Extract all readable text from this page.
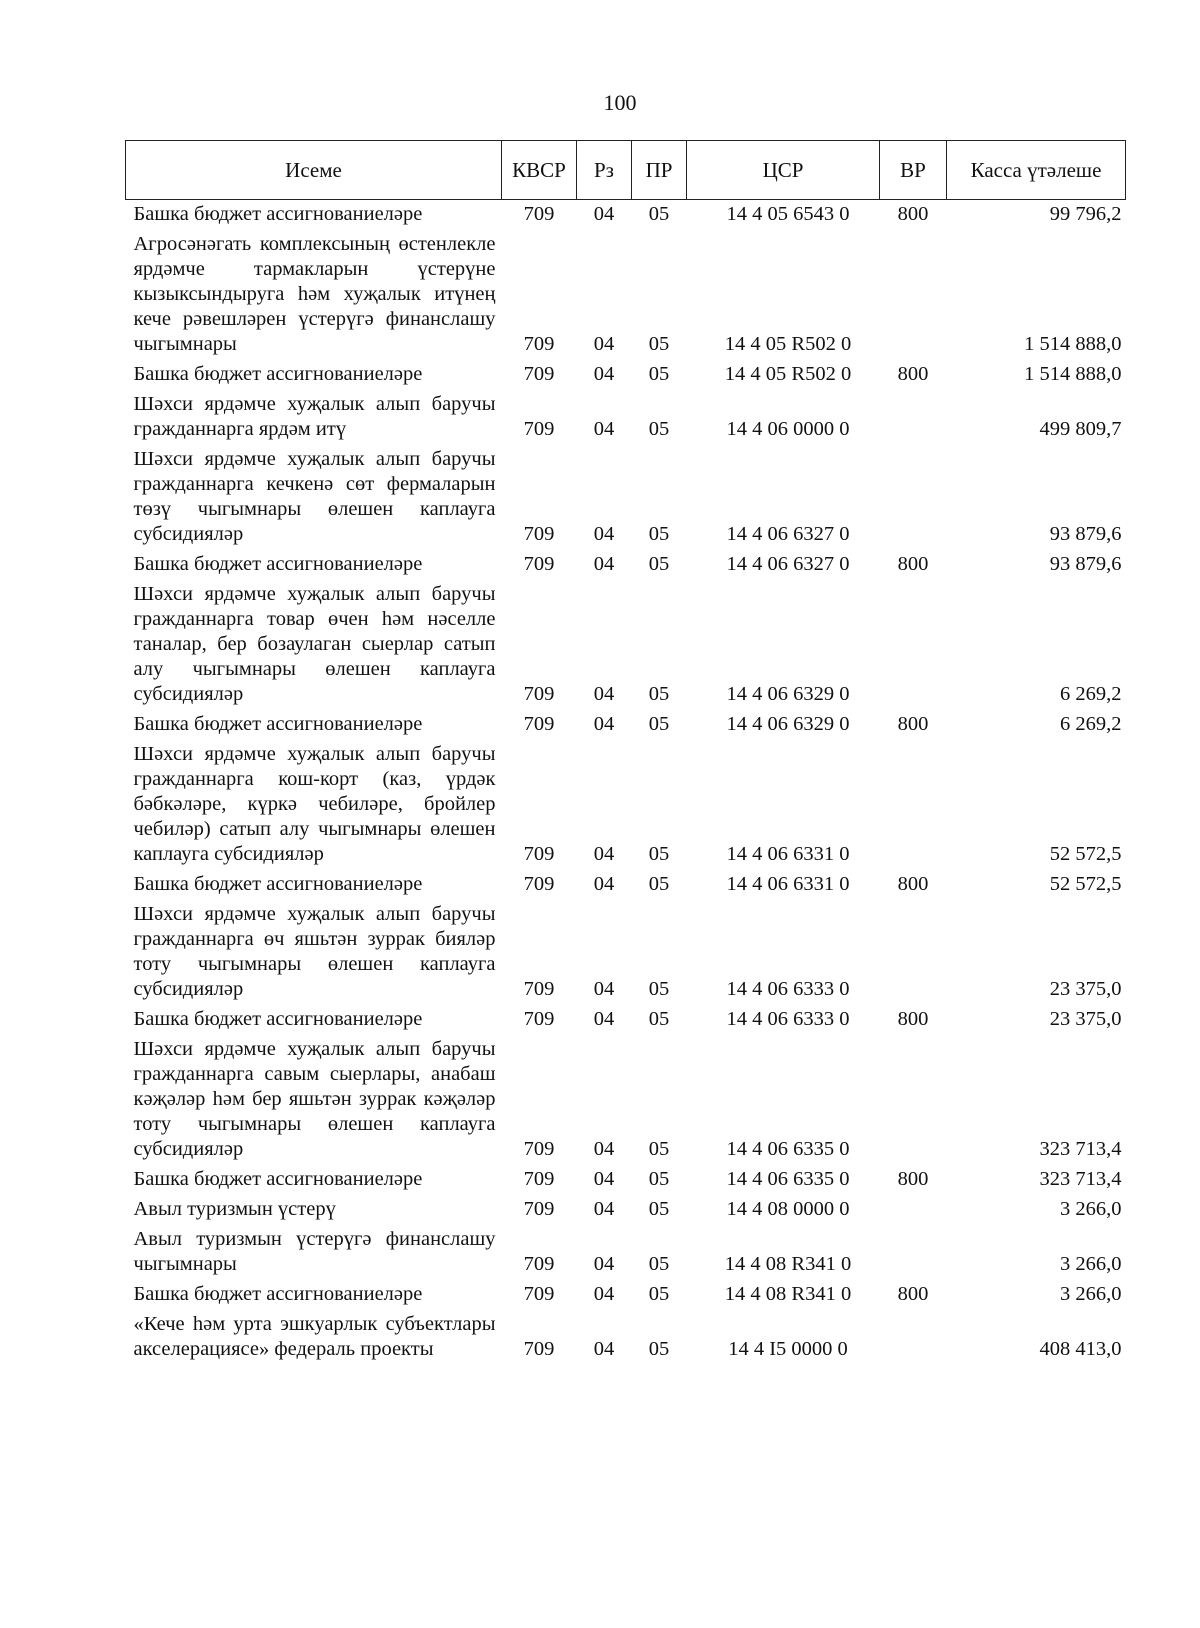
100
Исеме	КВСР	Рз	ПР	ЦСР	ВР	Касса үтәлеше
Башка бюджет ассигнованиеләре	709	04	05	14 4 05 6543 0	800	99 796,2
Агросәнәгать комплексының өстенлекле ярдәмче тармакларын үстерүне кызыксындыруга һәм хуҗалык итүнең кече рәвешләрен үстерүгә финанслашу чыгымнары	709	04	05	14 4 05 R502 0		1 514 888,0
Башка бюджет ассигнованиеләре	709	04	05	14 4 05 R502 0	800	1 514 888,0
Шәхси ярдәмче хуҗалык алып баручы гражданнарга ярдәм итү	709	04	05	14 4 06 0000 0		499 809,7
Шәхси ярдәмче хуҗалык алып баручы гражданнарга кечкенә сөт фермаларын төзү чыгымнары өлешен каплауга субсидияләр	709	04	05	14 4 06 6327 0		93 879,6
Башка бюджет ассигнованиеләре	709	04	05	14 4 06 6327 0	800	93 879,6
Шәхси ярдәмче хуҗалык алып баручы гражданнарга товар өчен һәм нәселле таналар, бер бозаулаган сыерлар сатып алу чыгымнары өлешен каплауга субсидияләр	709	04	05	14 4 06 6329 0		6 269,2
Башка бюджет ассигнованиеләре	709	04	05	14 4 06 6329 0	800	6 269,2
Шәхси ярдәмче хуҗалык алып баручы гражданнарга кош-корт (каз, үрдәк бәбкәләре, күркә чебиләре, бройлер чебиләр) сатып алу чыгымнары өлешен каплауга субсидияләр	709	04	05	14 4 06 6331 0		52 572,5
Башка бюджет ассигнованиеләре	709	04	05	14 4 06 6331 0	800	52 572,5
Шәхси ярдәмче хуҗалык алып баручы гражданнарга өч яшьтән зуррак бияләр тоту чыгымнары өлешен каплауга субсидияләр	709	04	05	14 4 06 6333 0		23 375,0
Башка бюджет ассигнованиеләре	709	04	05	14 4 06 6333 0	800	23 375,0
Шәхси ярдәмче хуҗалык алып баручы гражданнарга савым сыерлары, анабаш кәҗәләр һәм бер яшьтән зуррак кәҗәләр тоту чыгымнары өлешен каплауга субсидияләр	709	04	05	14 4 06 6335 0		323 713,4
Башка бюджет ассигнованиеләре	709	04	05	14 4 06 6335 0	800	323 713,4
Авыл туризмын үстерү	709	04	05	14 4 08 0000 0		3 266,0
Авыл туризмын үстерүгә финанслашу чыгымнары	709	04	05	14 4 08 R341 0		3 266,0
Башка бюджет ассигнованиеләре	709	04	05	14 4 08 R341 0	800	3 266,0
«Кече һәм урта эшкуарлык субъектлары акселерациясе» федераль проекты	709	04	05	14 4 I5 0000 0		408 413,0
